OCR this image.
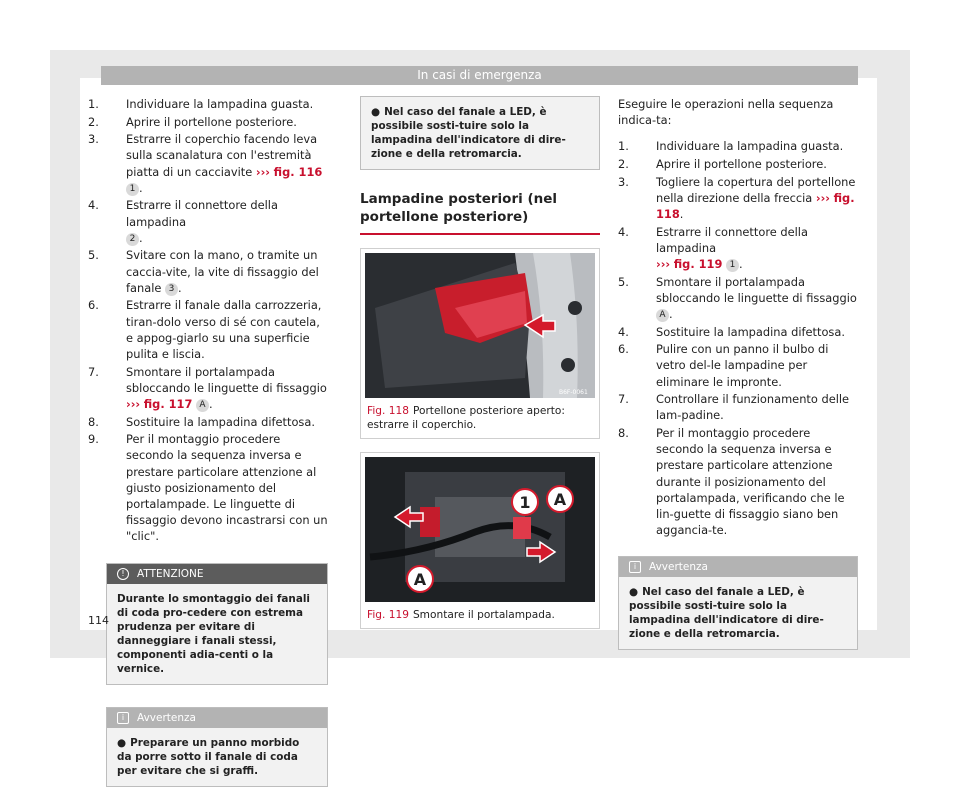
In casi di emergenza
1.	Individuare la lampadina guasta.
2.	Aprire il portellone posteriore.
3.	Estrarre il coperchio facendo leva sulla scanalatura con l'estremità piatta di un cacciavite ››› fig. 116 1 .
4.	Estrarre il connettore della lampadina
2 .
5.	Svitare con la mano, o tramite un caccia-vite, la vite di fissaggio del fanale 3 .
6.	Estrarre il fanale dalla carrozzeria, tiran-dolo verso di sé con cautela, e appog-giarlo su una superficie pulita e liscia.
7.	Smontare il portalampada sbloccando le linguette di fissaggio ››› fig. 117 A .
8.	Sostituire la lampadina difettosa.
9.	Per il montaggio procedere secondo la sequenza inversa e prestare particolare attenzione al giusto posizionamento del portalampade. Le linguette di fissaggio devono incastrarsi con un "clic".
!	ATTENZIONE
Durante lo smontaggio dei fanali di coda pro-cedere con estrema prudenza per evitare di danneggiare i fanali stessi, componenti adia-centi o la vernice.
i	Avvertenza
● Preparare un panno morbido da porre sotto il fanale di coda per evitare che si graffi.
● Nel caso del fanale a LED, è possibile sosti-tuire solo la lampadina dell'indicatore di dire-zione e della retromarcia.
Lampadine posteriori (nel portellone posteriore)
B6F-0061
Fig. 118 Portellone posteriore aperto: estrarre il coperchio.
1 A
A
Fig. 119 Smontare il portalampada.

Eseguire le operazioni nella sequenza indica-ta:

1.	Individuare la lampadina guasta.
2.	Aprire il portellone posteriore.
3.	Togliere la copertura del portellone nella direzione della freccia ››› fig. 118.
4.	Estrarre il connettore della lampadina
››› fig. 119 1 .
5.	Smontare il portalampada sbloccando le linguette di fissaggio A .
4.	Sostituire la lampadina difettosa.
6.	Pulire con un panno il bulbo di vetro del-le lampadine per eliminare le impronte.
7.	Controllare il funzionamento delle lam-padine.
8.	Per il montaggio procedere secondo la sequenza inversa e prestare particolare attenzione durante il posizionamento del portalampada, verificando che le lin-guette di fissaggio siano ben aggancia-te.
i	Avvertenza
● Nel caso del fanale a LED, è possibile sosti-tuire solo la lampadina dell'indicatore di dire-zione e della retromarcia.
114
